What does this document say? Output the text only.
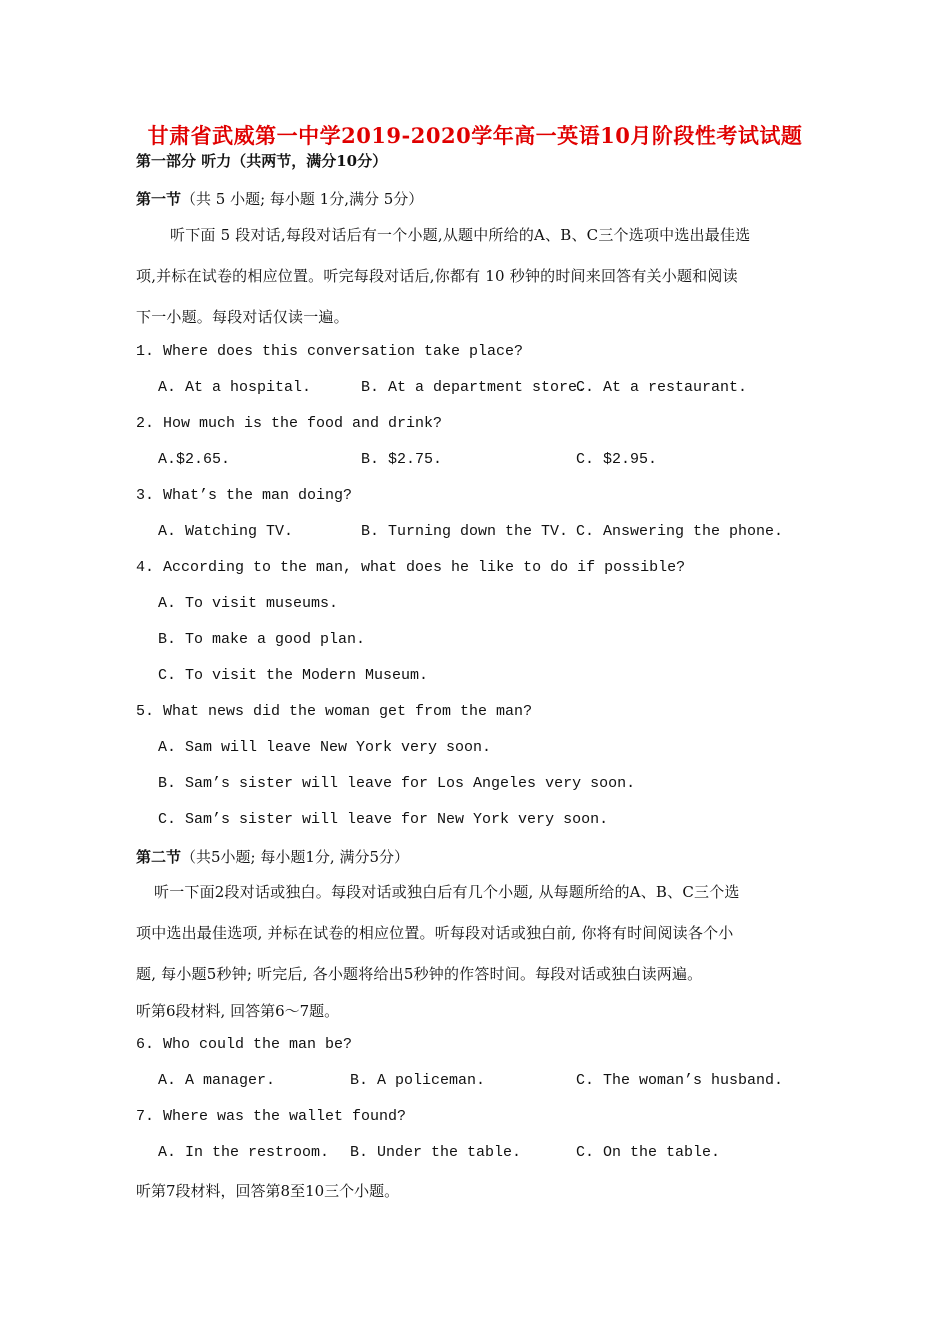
甘肃省武威第一中学2019-2020学年高一英语10月阶段性考试试题
第一部分 听力（共两节，满分10分）
第一节（共 5 小题; 每小题 1分,满分 5分）
听下面 5 段对话,每段对话后有一个小题,从题中所给的A、B、C三个选项中选出最佳选
项,并标在试卷的相应位置。听完每段对话后,你都有 10 秒钟的时间来回答有关小题和阅读
下一小题。每段对话仅读一遍。
1. Where does this conversation take place?
A. At a hospital.	B. At a department store.
C. At a restaurant.
2. How much is the food and drink?
A.$2.65.	B. $2.75.	C. $2.95.
3. What’s the man doing?
A. Watching TV.	B. Turning down the TV. C. Answering the phone.
4. According to the man, what does he like to do if possible?
A. To visit museums.
B. To make a good plan.
C. To visit the Modern Museum.
5. What news did the woman get from the man?
A. Sam will leave New York very soon.
B. Sam’s sister will leave for Los Angeles very soon.
C. Sam’s sister will leave for New York very soon.
第二节（共5小题; 每小题1分, 满分5分）
听一下面2段对话或独白。每段对话或独白后有几个小题, 从每题所给的A、B、C三个选
项中选出最佳选项, 并标在试卷的相应位置。听每段对话或独白前, 你将有时间阅读各个小
题, 每小题5秒钟; 听完后, 各小题将给出5秒钟的作答时间。每段对话或独白读两遍。
听第6段材料, 回答第6～7题。
6. Who could the man be?
A. A manager.	B. A policeman.	C. The woman’s husband.
7. Where was the wallet found?
A. In the restroom. B. Under the table.	C. On the table.
听第7段材料，回答第8至10三个小题。
